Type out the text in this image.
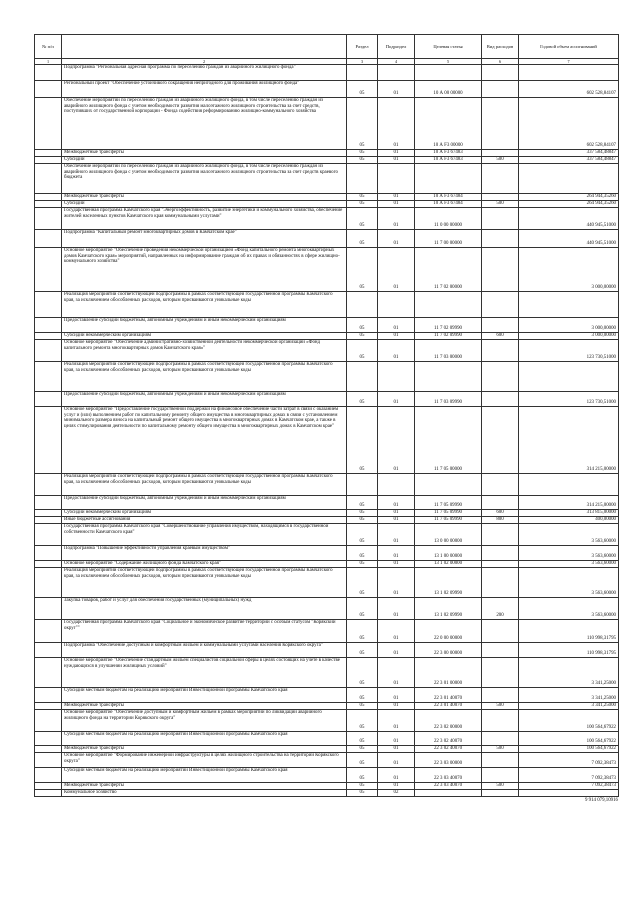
№ п/п		Раздел	Подраздел	Целевая статья	Вид расходов	Годовой объем ассигнований
1	2	3	4	5	6	7
	Подпрограмма "Региональная адресная программа по переселению граждан из аварийного жилищного фонда"					
	Региональный проект "Обеспечение устойчивого сокращения непригодного для проживания жилищного фонда"	05	01	10 А 00 00000		602 528,84107
	Обеспечение мероприятий по переселению граждан из аварийного жилищного фонда, в том числе переселению граждан из аварийного жилищного фонда с учетом необходимости развития малоэтажного жилищного строительства за счет средств, поступивших от государственной корпорации - Фонда содействия реформированию жилищно-коммунального хозяйства	05	01	10 А F3 00000		602 528,84107
	Межбюджетные трансферты	05	01	10 А F3 67483		337 584,48847
	Субсидии	05	01	10 А F3 67483	500	337 584,48847
	Обеспечение мероприятий по переселению граждан из аварийного жилищного фонда, в том числе переселению граждан из аварийного жилищного фонда с учетом необходимости развития малоэтажного жилищного строительства за счет средств краевого бюджета					
	Межбюджетные трансферты	05	01	10 А F3 67484		264 944,35260
	Субсидии	05	01	10 А F3 67484	500	264 944,35260
	Государственная программа Камчатского края "Энергоэффективность, развитие энергетики и коммунального хозяйства, обеспечение жителей населенных пунктов Камчатского края коммунальными услугами"	05	01	11 0 00 00000		440 945,51000
	Подпрограмма "Капитальный ремонт многоквартирных домов в Камчатском крае"	05	01	11 7 00 00000		440 945,51000
	Основное мероприятие "Обеспечение проведения некоммерческой организацией «Фонд капитального ремонта многоквартирных домов Камчатского края» мероприятий, направленных на информирование граждан об их правах и обязанностях в сфере жилищно-коммунального хозяйства"	05	01	11 7 02 00000		3 000,00000
	Реализация мероприятий соответствующей подпрограммы в рамках соответствующей государственной программы Камчатского края, за исключением обособленных расходов, которым присваиваются уникальные коды					
	Предоставление субсидий бюджетным, автономным учреждениям и иным некоммерческим организациям	05	01	11 7 02 09990		3 000,00000
	Субсидии некоммерческим организациям	05	01	11 7 02 09990	600	3 000,00000
	Основное мероприятие "Обеспечение административно-хозяйственной деятельности некоммерческой организации «Фонд капитального ремонта многоквартирных домов Камчатского края»"	05	01	11 7 03 00000		123 730,51000
	Реализация мероприятий соответствующей подпрограммы в рамках соответствующей государственной программы Камчатского края, за исключением обособленных расходов, которым присваиваются уникальные коды					
	Предоставление субсидий бюджетным, автономным учреждениям и иным некоммерческим организациям	05	01	11 7 03 09990		123 730,51000
	Основное мероприятие "Предоставление государственной поддержки на финансовое обеспечение части затрат в связи с оказанием услуг и (или) выполнением работ по капитальному ремонту общего имущества в многоквартирных домах в связи с установлением минимального размера взноса на капитальный ремонт общего имущества в многоквартирных домах в Камчатском крае, а также в целях стимулирования деятельности по капитальному ремонту общего имущества в многоквартирных домах в Камчатском крае"	05	01	11 7 05 00000		314 215,00000
	Реализация мероприятий соответствующей подпрограммы в рамках соответствующей государственной программы Камчатского края, за исключением обособленных расходов, которым присваиваются уникальные коды					
	Предоставление субсидий бюджетным, автономным учреждениям и иным некоммерческим организациям	05	01	11 7 05 09990		314 215,00000
	Субсидии некоммерческим организациям	05	01	11 7 05 09990	600	313 815,00000
	Иные бюджетные ассигнования	05	01	11 7 05 09990	800	400,00000
	Государственная программа Камчатского края "Совершенствование управления имуществом, находящимся в государственной собственности Камчатского края"	05	01	13 0 00 00000		3 563,60000
	Подпрограмма "Повышение эффективности управления краевым имуществом"	05	01	13 1 00 00000		3 563,60000
	Основное мероприятие "Содержание жилищного фонда Камчатского края"	05	01	13 1 02 00000		3 563,60000
	Реализация мероприятий соответствующей подпрограммы в рамках соответствующей государственной программы Камчатского края, за исключением обособленных расходов, которым присваиваются уникальные коды	05	01	13 1 02 09990		3 563,60000
	Закупка товаров, работ и услуг для обеспечения государственных (муниципальных) нужд	05	01	13 1 02 09990	200	3 563,60000
	Государственная программа Камчатского края "Социальное и экономическое развитие территории с особым статусом "Корякский округ""	05	01	22 0 00 00000		110 998,31795
	Подпрограмма "Обеспечение доступным и комфортным жильем и коммунальными услугами населения Корякского округа"	05	01	22 3 00 00000		110 998,31795
	Основное мероприятие "Обеспечение стандартным жильем специалистов социальной сферы в целях состоящих на учете в качестве нуждающихся в улучшении жилищных условий"	05	01	22 3 01 00000		3 341,25000
	Субсидии местным бюджетам на реализацию мероприятий Инвестиционной программы Камчатского края	05	01	22 3 01 40070		3 341,25000
	Межбюджетные трансферты	05	01	22 3 01 40070	500	3 341,25000
	Основное мероприятие "Обеспечение доступным и комфортным жильем в рамках мероприятий по ликвидации аварийного жилищного фонда на территории Корякского округа"	05	01	22 3 02 00000		100 564,67922
	Субсидии местным бюджетам на реализацию мероприятий Инвестиционной программы Камчатского края	05	01	22 3 02 40070		100 564,67922
	Межбюджетные трансферты	05	01	22 3 02 40070	500	100 564,67922
	Основное мероприятие "Формирование инженерной инфраструктуры в целях жилищного строительства на территории Корякского округа"	05	01	22 3 03 00000		7 092,38473
	Субсидии местным бюджетам на реализацию мероприятий Инвестиционной программы Камчатского края	05	01	22 3 03 40070		7 092,38473
	Межбюджетные трансферты	05	01	22 3 03 40070	500	7 092,38473
	Коммунальное хозяйство	05	02			
9 914 079,10916
